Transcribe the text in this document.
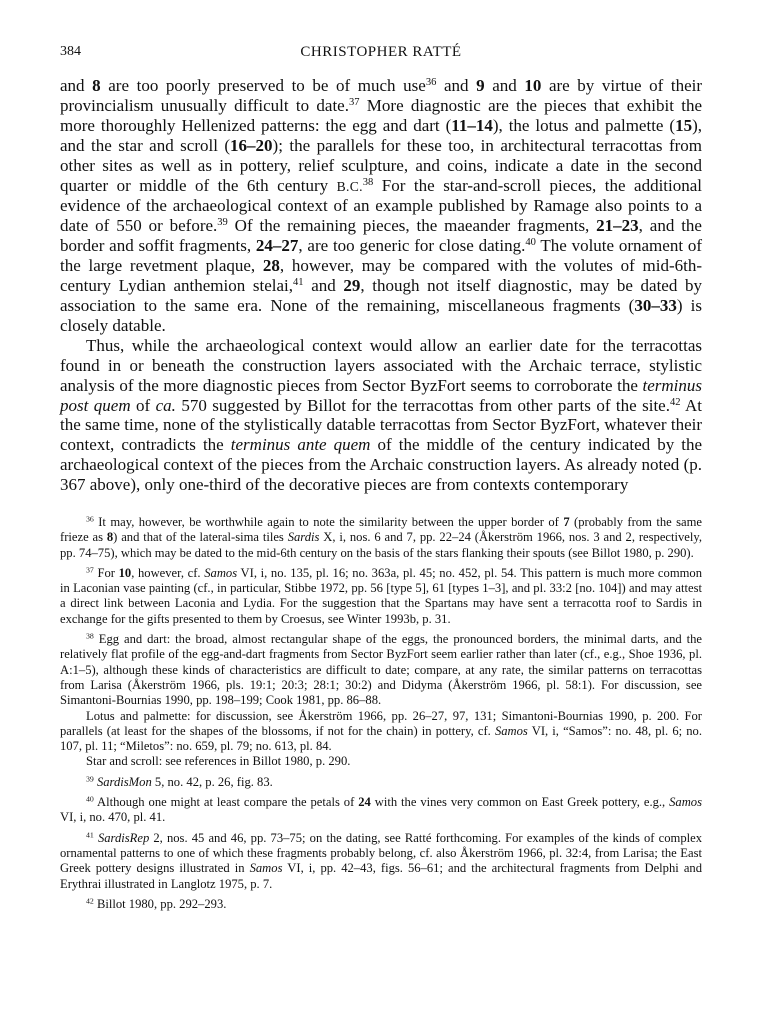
384	CHRISTOPHER RATTÉ

and 8 are too poorly preserved to be of much use$^{36}$ and 9 and 10 are by virtue of their provincialism unusually difficult to date.$^{37}$ More diagnostic are the pieces that exhibit the more thoroughly Hellenized patterns: the egg and dart (11–14), the lotus and palmette (15), and the star and scroll (16–20); the parallels for these too, in architectural terracottas from other sites as well as in pottery, relief sculpture, and coins, indicate a date in the second quarter or middle of the 6th century B.C.$^{38}$ For the star-and-scroll pieces, the additional evidence of the archaeological context of an example published by Ramage also points to a date of 550 or before.$^{39}$ Of the remaining pieces, the maeander fragments, 21–23, and the border and soffit fragments, 24–27, are too generic for close dating.$^{40}$ The volute ornament of the large revetment plaque, 28, however, may be compared with the volutes of mid-6th-century Lydian anthemion stelai,$^{41}$ and 29, though not itself diagnostic, may be dated by association to the same era. None of the remaining, miscellaneous fragments (30–33) is closely datable.

Thus, while the archaeological context would allow an earlier date for the terracottas found in or beneath the construction layers associated with the Archaic terrace, stylistic analysis of the more diagnostic pieces from Sector ByzFort seems to corroborate the terminus post quem of ca. 570 suggested by Billot for the terracottas from other parts of the site.$^{42}$ At the same time, none of the stylistically datable terracottas from Sector ByzFort, whatever their context, contradicts the terminus ante quem of the middle of the century indicated by the archaeological context of the pieces from the Archaic construction layers. As already noted (p. 367 above), only one-third of the decorative pieces are from contexts contemporary

$^{36}$ It may, however, be worthwhile again to note the similarity between the upper border of 7 (probably from the same frieze as 8) and that of the lateral-sima tiles Sardis X, i, nos. 6 and 7, pp. 22–24 (Åkerström 1966, nos. 3 and 2, respectively, pp. 74–75), which may be dated to the mid-6th century on the basis of the stars flanking their spouts (see Billot 1980, p. 290).

$^{37}$ For 10, however, cf. Samos VI, i, no. 135, pl. 16; no. 363a, pl. 45; no. 452, pl. 54. This pattern is much more common in Laconian vase painting (cf., in particular, Stibbe 1972, pp. 56 [type 5], 61 [types 1–3], and pl. 33:2 [no. 104]) and may attest a direct link between Laconia and Lydia. For the suggestion that the Spartans may have sent a terracotta roof to Sardis in exchange for the gifts presented to them by Croesus, see Winter 1993b, p. 31.

$^{38}$ Egg and dart: the broad, almost rectangular shape of the eggs, the pronounced borders, the minimal darts, and the relatively flat profile of the egg-and-dart fragments from Sector ByzFort seem earlier rather than later (cf., e.g., Shoe 1936, pl. A:1–5), although these kinds of characteristics are difficult to date; compare, at any rate, the similar patterns on terracottas from Larisa (Åkerström 1966, pls. 19:1; 20:3; 28:1; 30:2) and Didyma (Åkerström 1966, pl. 58:1). For discussion, see Simantoni-Bournias 1990, pp. 198–199; Cook 1981, pp. 86–88.

Lotus and palmette: for discussion, see Åkerström 1966, pp. 26–27, 97, 131; Simantoni-Bournias 1990, p. 200. For parallels (at least for the shapes of the blossoms, if not for the chain) in pottery, cf. Samos VI, i, “Samos”: no. 48, pl. 6; no. 107, pl. 11; “Miletos”: no. 659, pl. 79; no. 613, pl. 84.

Star and scroll: see references in Billot 1980, p. 290.

$^{39}$ SardisMon 5, no. 42, p. 26, fig. 83.

$^{40}$ Although one might at least compare the petals of 24 with the vines very common on East Greek pottery, e.g., Samos VI, i, no. 470, pl. 41.

$^{41}$ SardisRep 2, nos. 45 and 46, pp. 73–75; on the dating, see Ratté forthcoming. For examples of the kinds of complex ornamental patterns to one of which these fragments probably belong, cf. also Åkerström 1966, pl. 32:4, from Larisa; the East Greek pottery designs illustrated in Samos VI, i, pp. 42–43, figs. 56–61; and the architectural fragments from Delphi and Erythrai illustrated in Langlotz 1975, p. 7.

$^{42}$ Billot 1980, pp. 292–293.
